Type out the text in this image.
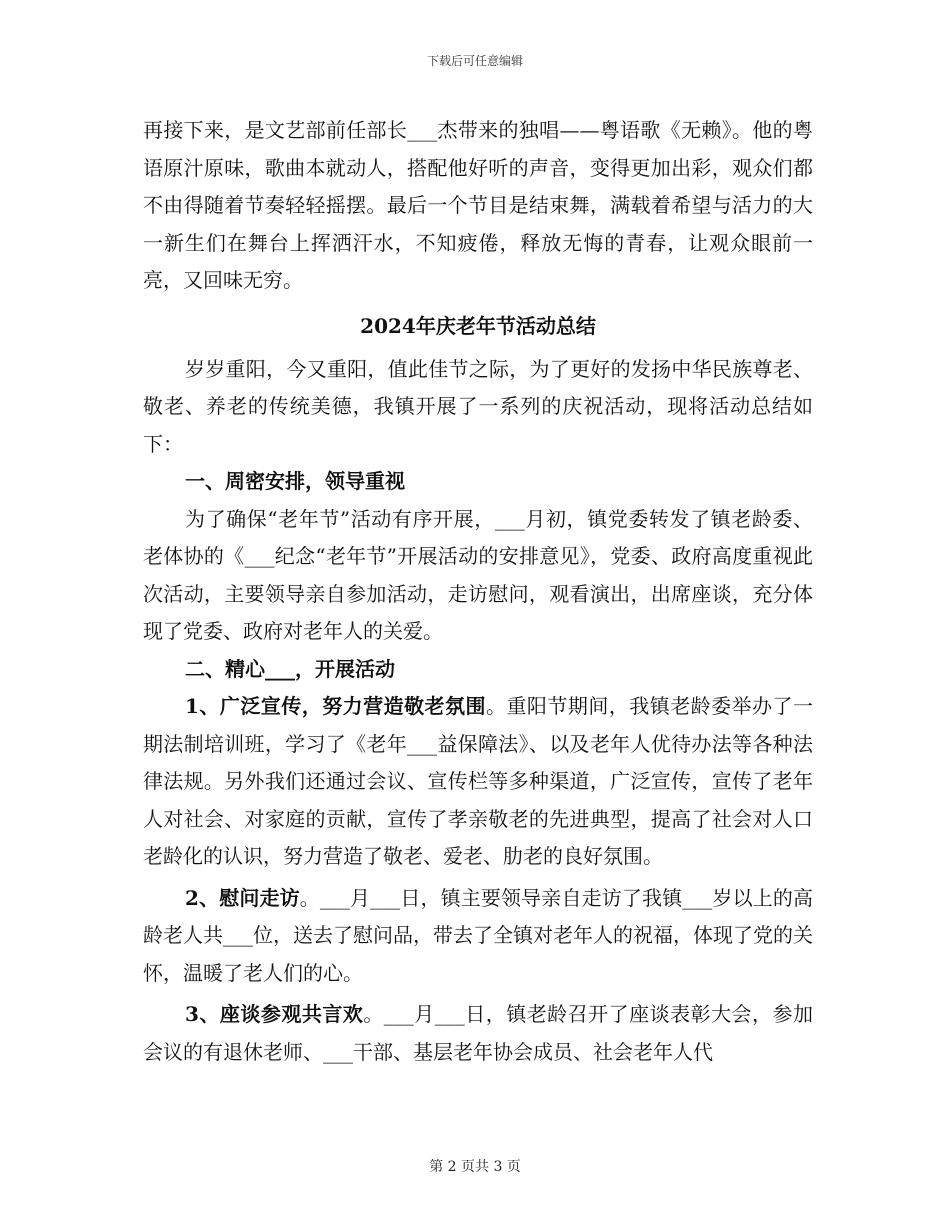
下载后可任意编辑

再接下来，是文艺部前任部长___杰带来的独唱——粤语歌《无赖》。他的粤语原汁原味，歌曲本就动人，搭配他好听的声音，变得更加出彩，观众们都不由得随着节奏轻轻摇摆。最后一个节目是结束舞，满载着希望与活力的大一新生们在舞台上挥洒汗水，不知疲倦，释放无悔的青春，让观众眼前一亮，又回味无穷。

2024年庆老年节活动总结

岁岁重阳，今又重阳，值此佳节之际，为了更好的发扬中华民族尊老、敬老、养老的传统美德，我镇开展了一系列的庆祝活动，现将活动总结如下：

一、周密安排，领导重视

为了确保“老年节”活动有序开展，___月初，镇党委转发了镇老龄委、老体协的《___纪念“老年节”开展活动的安排意见》，党委、政府高度重视此次活动，主要领导亲自参加活动，走访慰问，观看演出，出席座谈，充分体现了党委、政府对老年人的关爱。

二、精心___，开展活动

1、广泛宣传，努力营造敬老氛围。重阳节期间，我镇老龄委举办了一期法制培训班，学习了《老年___益保障法》、以及老年人优待办法等各种法律法规。另外我们还通过会议、宣传栏等多种渠道，广泛宣传，宣传了老年人对社会、对家庭的贡献，宣传了孝亲敬老的先进典型，提高了社会对人口老龄化的认识，努力营造了敬老、爱老、肋老的良好氛围。

2、慰问走访。___月___日，镇主要领导亲自走访了我镇___岁以上的高龄老人共___位，送去了慰问品，带去了全镇对老年人的祝福，体现了党的关怀，温暖了老人们的心。

3、座谈参观共言欢。___月___日，镇老龄召开了座谈表彰大会，参加会议的有退休老师、___干部、基层老年协会成员、社会老年人代

第 2 页共 3 页
